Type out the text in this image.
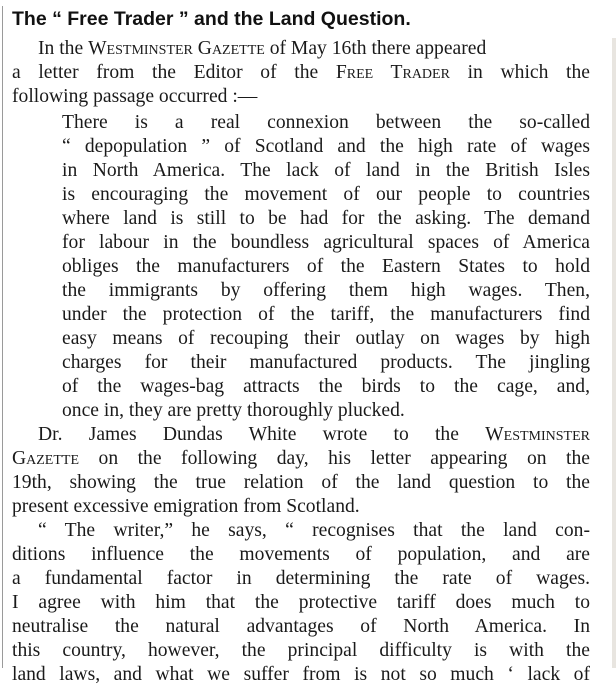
The “ Free Trader ” and the Land Question.
In the Westminster Gazette of May 16th there appeared
a letter from the Editor of the Free Trader in which the
following passage occurred :—
There is a real connexion between the so-called
“ depopulation ” of Scotland and the high rate of wages
in North America. The lack of land in the British Isles
is encouraging the movement of our people to countries
where land is still to be had for the asking. The demand
for labour in the boundless agricultural spaces of America
obliges the manufacturers of the Eastern States to hold
the immigrants by offering them high wages. Then,
under the protection of the tariff, the manufacturers find
easy means of recouping their outlay on wages by high
charges for their manufactured products. The jingling
of the wages-bag attracts the birds to the cage, and,
once in, they are pretty thoroughly plucked.
Dr. James Dundas White wrote to the Westminster
Gazette on the following day, his letter appearing on the
19th, showing the true relation of the land question to the
present excessive emigration from Scotland.
“ The writer,” he says, “ recognises that the land con-
ditions influence the movements of population, and are
a fundamental factor in determining the rate of wages.
I agree with him that the protective tariff does much to
neutralise the natural advantages of North America. In
this country, however, the principal difficulty is with the
land laws, and what we suffer from is not so much ‘ lack of
